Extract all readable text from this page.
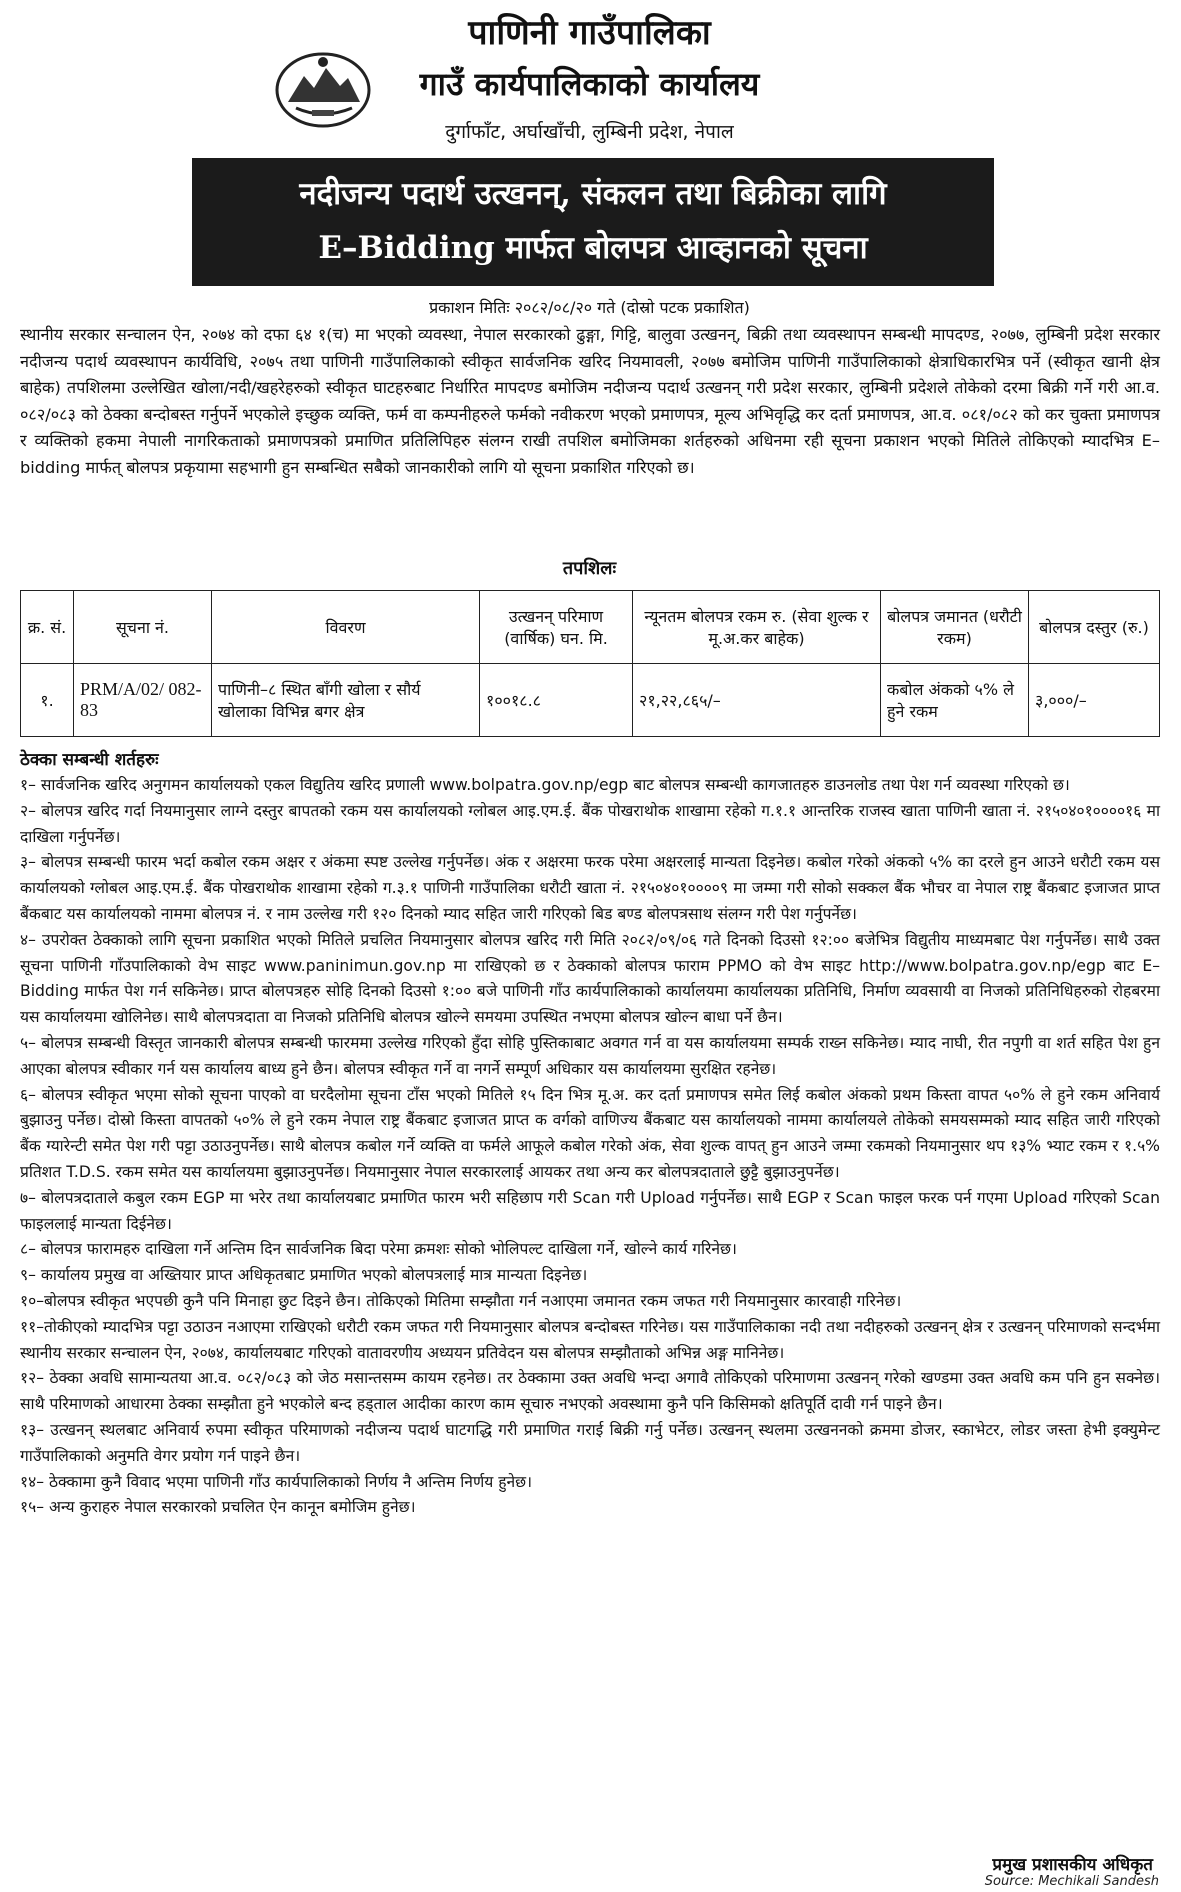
पाणिनी गाउँपालिका
गाउँ कार्यपालिकाको कार्यालय
दुर्गाफाँट, अर्घाखाँची, लुम्बिनी प्रदेश, नेपाल
नदीजन्य पदार्थ उत्खनन्, संकलन तथा बिक्रीका लागि
E–Bidding मार्फत बोलपत्र आव्हानको सूचना
प्रकाशन मितिः २०८२/०८/२० गते (दोस्रो पटक प्रकाशित)
स्थानीय सरकार सन्चालन ऐन, २०७४ को दफा ६४ १(च) मा भएको व्यवस्था, नेपाल सरकारको ढुङ्गा, गिट्टि, बालुवा उत्खनन्, बिक्री तथा व्यवस्थापन सम्बन्धी मापदण्ड, २०७७, लुम्बिनी प्रदेश सरकार नदीजन्य पदार्थ व्यवस्थापन कार्यविधि, २०७५ तथा पाणिनी गाउँपालिकाको स्वीकृत सार्वजनिक खरिद नियमावली, २०७७ बमोजिम पाणिनी गाउँपालिकाको क्षेत्राधिकारभित्र पर्ने (स्वीकृत खानी क्षेत्र बाहेक) तपशिलमा उल्लेखित खोला/नदी/खहरेहरुको स्वीकृत घाटहरुबाट निर्धारित मापदण्ड बमोजिम नदीजन्य पदार्थ उत्खनन् गरी प्रदेश सरकार, लुम्बिनी प्रदेशले तोकेको दरमा बिक्री गर्ने गरी आ.व. ०८२/०८३ को ठेक्का बन्दोबस्त गर्नुपर्ने भएकोले इच्छुक व्यक्ति, फर्म वा कम्पनीहरुले फर्मको नवीकरण भएको प्रमाणपत्र, मूल्य अभिवृद्धि कर दर्ता प्रमाणपत्र, आ.व. ०८१/०८२ को कर चुक्ता प्रमाणपत्र र व्यक्तिको हकमा नेपाली नागरिकताको प्रमाणपत्रको प्रमाणित प्रतिलिपिहरु संलग्न राखी तपशिल बमोजिमका शर्तहरुको अधिनमा रही सूचना प्रकाशन भएको मितिले तोकिएको म्यादभित्र E–bidding मार्फत् बोलपत्र प्रकृयामा सहभागी हुन सम्बन्धित सबैको जानकारीको लागि यो सूचना प्रकाशित गरिएको छ।
तपशिलः
क्र. सं.	सूचना नं.	विवरण	उत्खनन् परिमाण (वार्षिक) घन. मि.	न्यूनतम बोलपत्र रकम रु. (सेवा शुल्क र मू.अ.कर बाहेक)	बोलपत्र जमानत (धरौटी रकम)	बोलपत्र दस्तुर (रु.)
१.	PRM/A/02/ 082-83	पाणिनी–८ स्थित बाँगी खोला र सौर्य खोलाका विभिन्न बगर क्षेत्र	१००१८.८	२१,२२,८६५/–	कबोल अंकको ५% ले हुने रकम	३,०००/–
ठेक्का सम्बन्धी शर्तहरुः

१– सार्वजनिक खरिद अनुगमन कार्यालयको एकल विद्युतिय खरिद प्रणाली www.bolpatra.gov.np/egp बाट बोलपत्र सम्बन्धी कागजातहरु डाउनलोड तथा पेश गर्न व्यवस्था गरिएको छ।

२– बोलपत्र खरिद गर्दा नियमानुसार लाग्ने दस्तुर बापतको रकम यस कार्यालयको ग्लोबल आइ.एम.ई. बैंक पोखराथोक शाखामा रहेको ग.१.१ आन्तरिक राजस्व खाता पाणिनी खाता नं. २१५०४०१००००१६ मा दाखिला गर्नुपर्नेछ।

३– बोलपत्र सम्बन्धी फारम भर्दा कबोल रकम अक्षर र अंकमा स्पष्ट उल्लेख गर्नुपर्नेछ। अंक र अक्षरमा फरक परेमा अक्षरलाई मान्यता दिइनेछ। कबोल गरेको अंकको ५% का दरले हुन आउने धरौटी रकम यस कार्यालयको ग्लोबल आइ.एम.ई. बैंक पोखराथोक शाखामा रहेको ग.३.१ पाणिनी गाउँपालिका धरौटी खाता नं. २१५०४०१००००९ मा जम्मा गरी सोको सक्कल बैंक भौचर वा नेपाल राष्ट्र बैंकबाट इजाजत प्राप्त बैंकबाट यस कार्यालयको नाममा बोलपत्र नं. र नाम उल्लेख गरी १२० दिनको म्याद सहित जारी गरिएको बिड बण्ड बोलपत्रसाथ संलग्न गरी पेश गर्नुपर्नेछ।

४– उपरोक्त ठेक्काको लागि सूचना प्रकाशित भएको मितिले प्रचलित नियमानुसार बोलपत्र खरिद गरी मिति २०८२/०९/०६ गते दिनको दिउसो १२:०० बजेभित्र विद्युतीय माध्यमबाट पेश गर्नुपर्नेछ। साथै उक्त सूचना पाणिनी गाँउपालिकाको वेभ साइट www.paninimun.gov.np मा राखिएको छ र ठेक्काको बोलपत्र फाराम PPMO को वेभ साइट http://www.bolpatra.gov.np/egp बाट E–Bidding मार्फत पेश गर्न सकिनेछ। प्राप्त बोलपत्रहरु सोहि दिनको दिउसो १:०० बजे पाणिनी गाँउ कार्यपालिकाको कार्यालयमा कार्यालयका प्रतिनिधि, निर्माण व्यवसायी वा निजको प्रतिनिधिहरुको रोहबरमा यस कार्यालयमा खोलिनेछ। साथै बोलपत्रदाता वा निजको प्रतिनिधि बोलपत्र खोल्ने समयमा उपस्थित नभएमा बोलपत्र खोल्न बाधा पर्ने छैन।

५– बोलपत्र सम्बन्धी विस्तृत जानकारी बोलपत्र सम्बन्धी फारममा उल्लेख गरिएको हुँदा सोहि पुस्तिकाबाट अवगत गर्न वा यस कार्यालयमा सम्पर्क राख्न सकिनेछ। म्याद नाघी, रीत नपुगी वा शर्त सहित पेश हुन आएका बोलपत्र स्वीकार गर्न यस कार्यालय बाध्य हुने छैन। बोलपत्र स्वीकृत गर्ने वा नगर्ने सम्पूर्ण अधिकार यस कार्यालयमा सुरक्षित रहनेछ।

६– बोलपत्र स्वीकृत भएमा सोको सूचना पाएको वा घरदैलोमा सूचना टाँस भएको मितिले १५ दिन भित्र मू.अ. कर दर्ता प्रमाणपत्र समेत लिई कबोल अंकको प्रथम किस्ता वापत ५०% ले हुने रकम अनिवार्य बुझाउनु पर्नेछ। दोस्रो किस्ता वापतको ५०% ले हुने रकम नेपाल राष्ट्र बैंकबाट इजाजत प्राप्त क वर्गको वाणिज्य बैंकबाट यस कार्यालयको नाममा कार्यालयले तोकेको समयसम्मको म्याद सहित जारी गरिएको बैंक ग्यारेन्टी समेत पेश गरी पट्टा उठाउनुपर्नेछ। साथै बोलपत्र कबोल गर्ने व्यक्ति वा फर्मले आफूले कबोल गरेको अंक, सेवा शुल्क वापत् हुन आउने जम्मा रकमको नियमानुसार थप १३% भ्याट रकम र १.५% प्रतिशत T.D.S. रकम समेत यस कार्यालयमा बुझाउनुपर्नेछ। नियमानुसार नेपाल सरकारलाई आयकर तथा अन्य कर बोलपत्रदाताले छुट्टै बुझाउनुपर्नेछ।

७– बोलपत्रदाताले कबुल रकम EGP मा भरेर तथा कार्यालयबाट प्रमाणित फारम भरी सहिछाप गरी Scan गरी Upload गर्नुपर्नेछ। साथै EGP र Scan फाइल फरक पर्न गएमा Upload गरिएको Scan फाइललाई मान्यता दिईनेछ।

८– बोलपत्र फारामहरु दाखिला गर्ने अन्तिम दिन सार्वजनिक बिदा परेमा क्रमशः सोको भोलिपल्ट दाखिला गर्ने, खोल्ने कार्य गरिनेछ।

९– कार्यालय प्रमुख वा अख्तियार प्राप्त अधिकृतबाट प्रमाणित भएको बोलपत्रलाई मात्र मान्यता दिइनेछ।

१०–बोलपत्र स्वीकृत भएपछी कुनै पनि मिनाहा छुट दिइने छैन। तोकिएको मितिमा सम्झौता गर्न नआएमा जमानत रकम जफत गरी नियमानुसार कारवाही गरिनेछ।

११–तोकीएको म्यादभित्र पट्टा उठाउन नआएमा राखिएको धरौटी रकम जफत गरी नियमानुसार बोलपत्र बन्दोबस्त गरिनेछ। यस गाउँपालिकाका नदी तथा नदीहरुको उत्खनन् क्षेत्र र उत्खनन् परिमाणको सन्दर्भमा स्थानीय सरकार सन्चालन ऐन, २०७४, कार्यालयबाट गरिएको वातावरणीय अध्ययन प्रतिवेदन यस बोलपत्र सम्झौताको अभिन्न अङ्ग मानिनेछ।

१२– ठेक्का अवधि सामान्यतया आ.व. ०८२/०८३ को जेठ मसान्तसम्म कायम रहनेछ। तर ठेक्कामा उक्त अवधि भन्दा अगावै तोकिएको परिमाणमा उत्खनन् गरेको खण्डमा उक्त अवधि कम पनि हुन सक्नेछ। साथै परिमाणको आधारमा ठेक्का सम्झौता हुने भएकोले बन्द हड्ताल आदीका कारण काम सूचारु नभएको अवस्थामा कुनै पनि किसिमको क्षतिपूर्ति दावी गर्न पाइने छैन।

१३– उत्खनन् स्थलबाट अनिवार्य रुपमा स्वीकृत परिमाणको नदीजन्य पदार्थ घाटगद्धि गरी प्रमाणित गराई बिक्री गर्नु पर्नेछ। उत्खनन् स्थलमा उत्खननको क्रममा डोजर, स्काभेटर, लोडर जस्ता हेभी इक्युमेन्ट गाउँपालिकाको अनुमति वेगर प्रयोग गर्न पाइने छैन।

१४– ठेक्कामा कुनै विवाद भएमा पाणिनी गाँउ कार्यपालिकाको निर्णय नै अन्तिम निर्णय हुनेछ।

१५– अन्य कुराहरु नेपाल सरकारको प्रचलित ऐन कानून बमोजिम हुनेछ।

प्रमुख प्रशासकीय अधिकृत
Source: Mechikali Sandesh
